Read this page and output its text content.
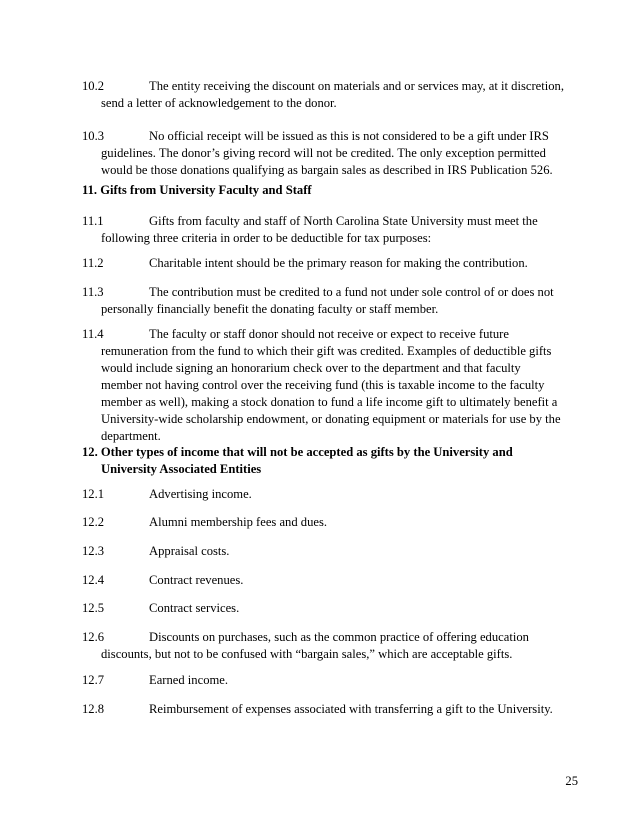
10.2	The entity receiving the discount on materials and or services may, at it discretion,

send a letter of acknowledgement to the donor.

10.3	No official receipt will be issued as this is not considered to be a gift under IRS

guidelines. The donor’s giving record will not be credited. The only exception permitted

would be those donations qualifying as bargain sales as described in IRS Publication 526.

11. Gifts from University Faculty and Staff

11.1	Gifts from faculty and staff of North Carolina State University must meet the

following three criteria in order to be deductible for tax purposes:

11.2	Charitable intent should be the primary reason for making the contribution.

11.3	The contribution must be credited to a fund not under sole control of or does not

personally financially benefit the donating faculty or staff member.

11.4	The faculty or staff donor should not receive or expect to receive future

remuneration from the fund to which their gift was credited. Examples of deductible gifts

would include signing an honorarium check over to the department and that faculty

member not having control over the receiving fund (this is taxable income to the faculty

member as well), making a stock donation to fund a life income gift to ultimately benefit a

University-wide scholarship endowment, or donating equipment or materials for use by the

department.

12. Other types of income that will not be accepted as gifts by the University and

University Associated Entities

12.1	Advertising income.

12.2	Alumni membership fees and dues.

12.3	Appraisal costs.

12.4	Contract revenues.

12.5	Contract services.

12.6	Discounts on purchases, such as the common practice of offering education

discounts, but not to be confused with “bargain sales,” which are acceptable gifts.

12.7	Earned income.

12.8	Reimbursement of expenses associated with transferring a gift to the University.

25
